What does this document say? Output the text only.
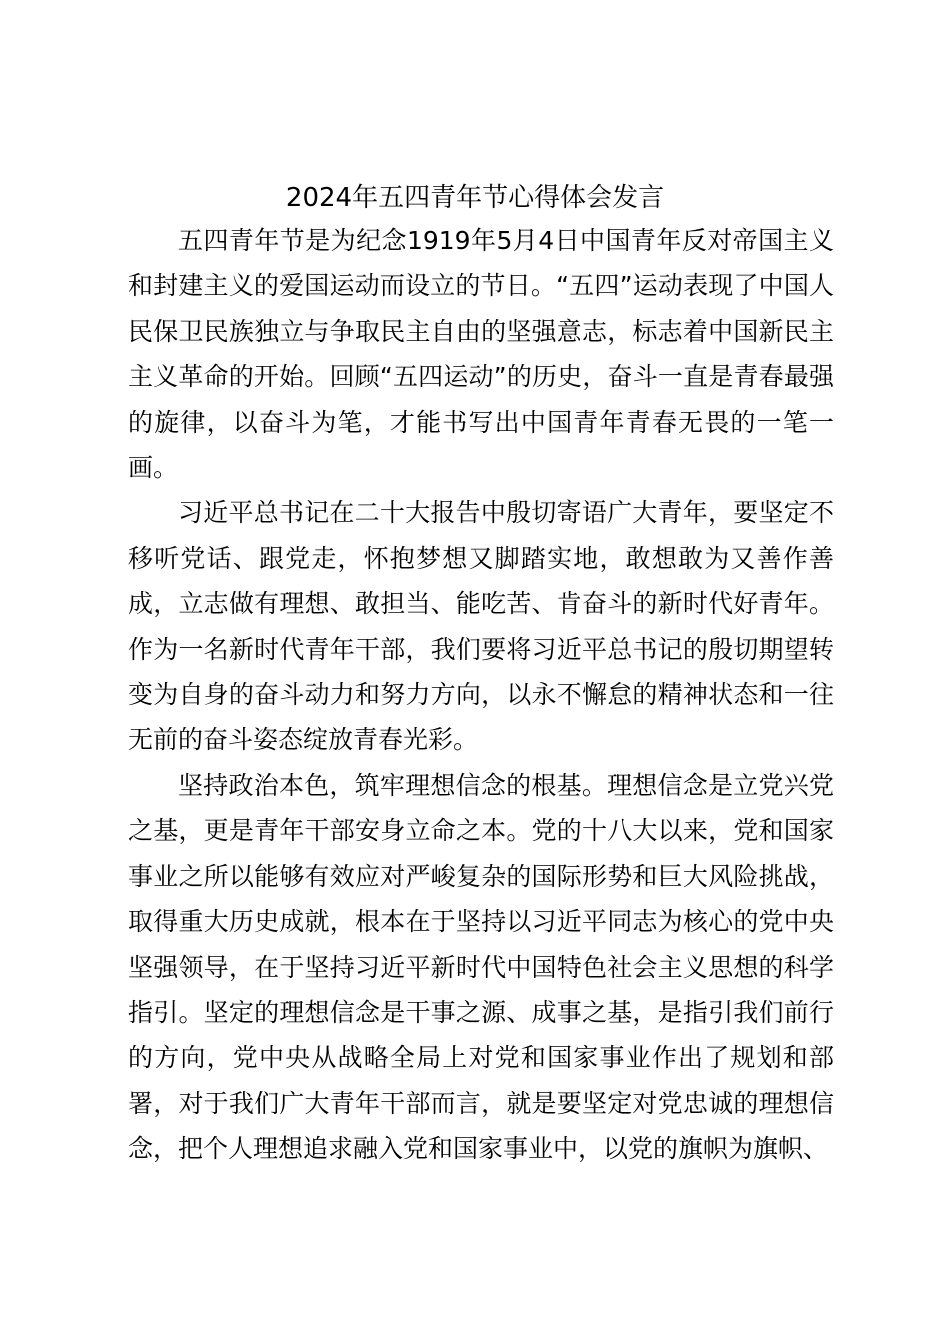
2024年五四青年节心得体会发言

五四青年节是为纪念1919年5月4日中国青年反对帝国主义和封建主义的爱国运动而设立的节日。“五四”运动表现了中国人民保卫民族独立与争取民主自由的坚强意志，标志着中国新民主主义革命的开始。回顾“五四运动”的历史，奋斗一直是青春最强的旋律，以奋斗为笔，才能书写出中国青年青春无畏的一笔一画。

习近平总书记在二十大报告中殷切寄语广大青年，要坚定不移听党话、跟党走，怀抱梦想又脚踏实地，敢想敢为又善作善成，立志做有理想、敢担当、能吃苦、肯奋斗的新时代好青年。作为一名新时代青年干部，我们要将习近平总书记的殷切期望转变为自身的奋斗动力和努力方向，以永不懈怠的精神状态和一往无前的奋斗姿态绽放青春光彩。

坚持政治本色，筑牢理想信念的根基。理想信念是立党兴党之基，更是青年干部安身立命之本。党的十八大以来，党和国家事业之所以能够有效应对严峻复杂的国际形势和巨大风险挑战，取得重大历史成就，根本在于坚持以习近平同志为核心的党中央坚强领导，在于坚持习近平新时代中国特色社会主义思想的科学指引。坚定的理想信念是干事之源、成事之基，是指引我们前行的方向，党中央从战略全局上对党和国家事业作出了规划和部署，对于我们广大青年干部而言，就是要坚定对党忠诚的理想信念，把个人理想追求融入党和国家事业中，以党的旗帜为旗帜、
